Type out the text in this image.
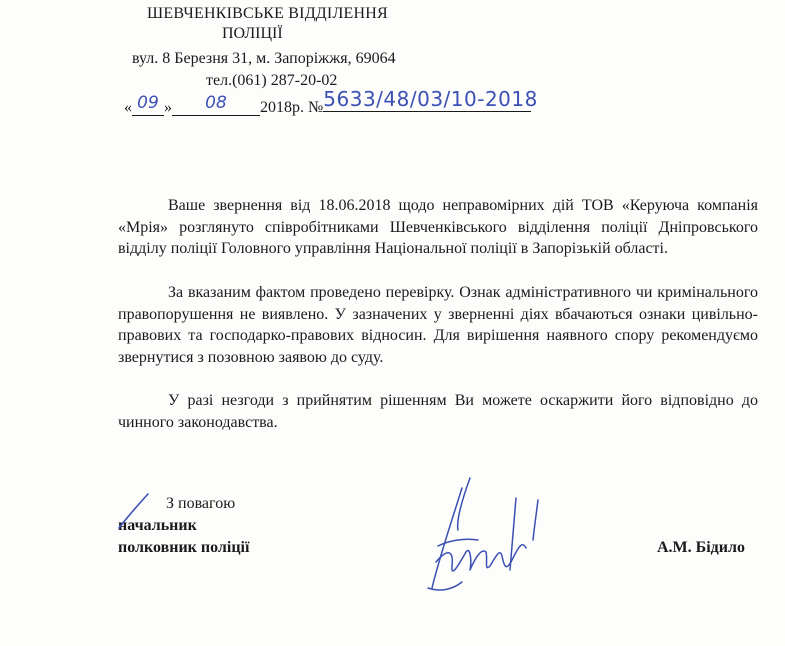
ШЕВЧЕНКІВСЬКЕ ВІДДІЛЕННЯ
ПОЛІЦІЇ
вул. 8 Березня 31, м. Запоріжжя, 69064
тел.(061) 287-20-02
« 09 » 08 2018р. №5633/48/03/10-2018

Ваше звернення від 18.06.2018 щодо неправомірних дій ТОВ «Керуюча компанія «Мрія» розглянуто співробітниками Шевченківського відділення поліції Дніпровського відділу поліції Головного управління Національної поліції в Запорізькій області.

За вказаним фактом проведено перевірку. Ознак адміністративного чи кримінального правопорушення не виявлено. У зазначених у зверненні діях вбачаються ознаки цивільно-правових та господарко-правових відносин. Для вирішення наявного спору рекомендуємо звернутися з позовною заявою до суду.

У разі незгоди з прийнятим рішенням Ви можете оскаржити його відповідно до чинного законодавства.

З повагою
начальник
полковник поліції	А.М. Бідило
